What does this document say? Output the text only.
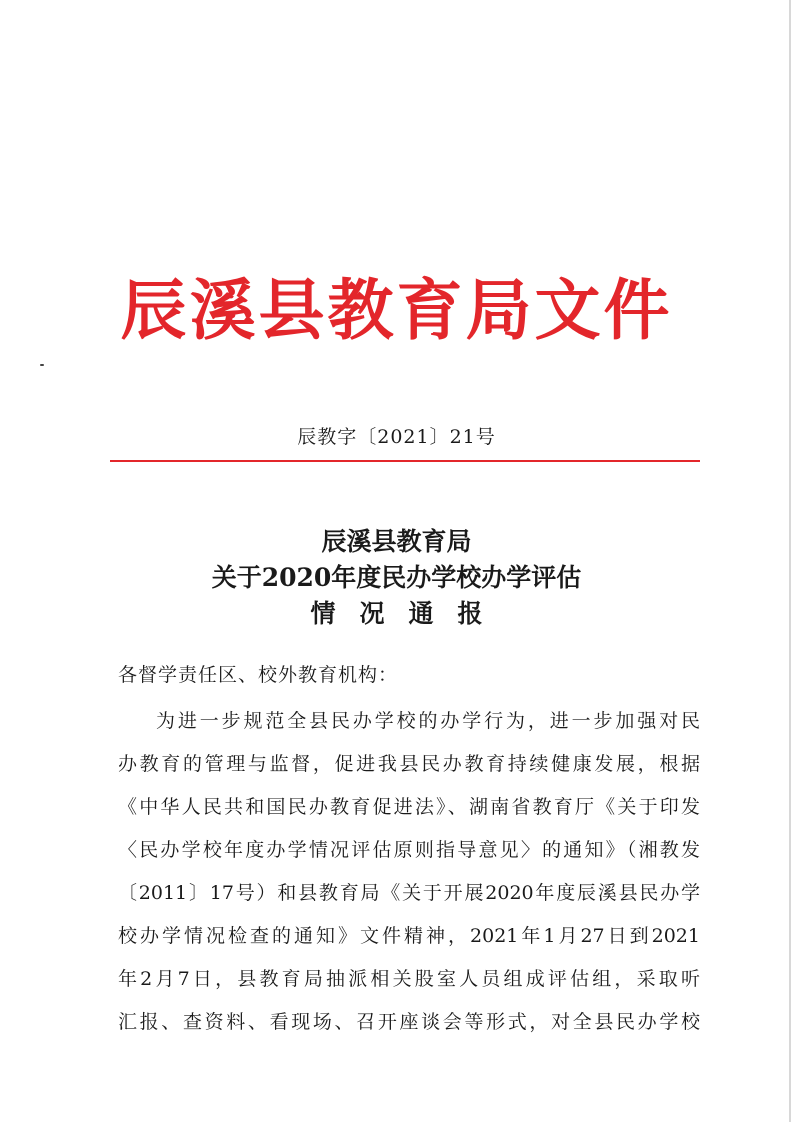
辰溪县教育局文件
辰教字〔2021〕21号
辰溪县教育局
关于2020年度民办学校办学评估
情况通报
各督学责任区、校外教育机构：
为进一步规范全县民办学校的办学行为，进一步加强对民
办教育的管理与监督，促进我县民办教育持续健康发展，根据
《中华人民共和国民办教育促进法》、湖南省教育厅《关于印发
〈民办学校年度办学情况评估原则指导意见〉的通知》（湘教发
〔2011〕17号）和县教育局《关于开展2020年度辰溪县民办学
校办学情况检查的通知》文件精神，2021年1月27日到2021
年2月7日，县教育局抽派相关股室人员组成评估组，采取听
汇报、查资料、看现场、召开座谈会等形式，对全县民办学校
